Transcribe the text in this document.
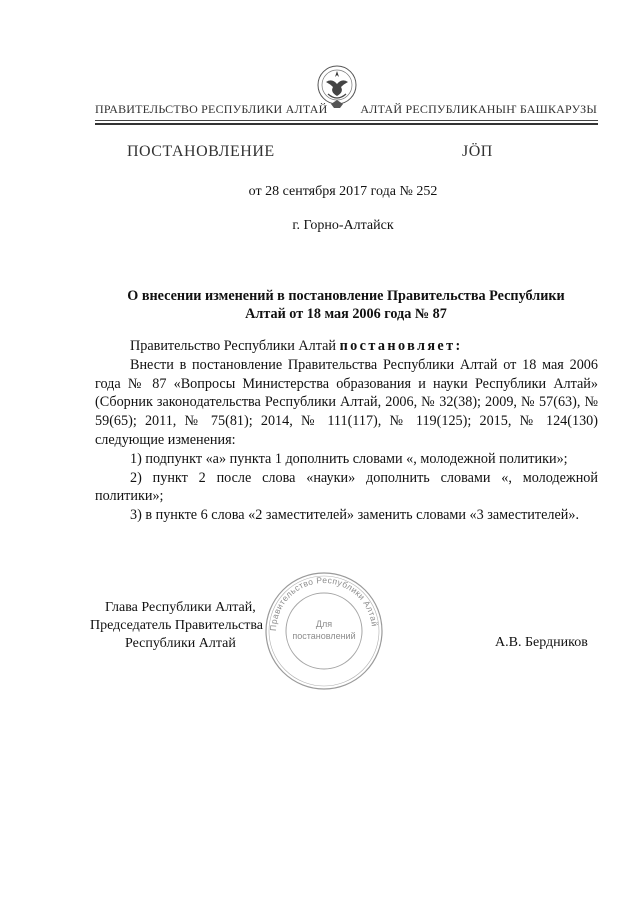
ПРАВИТЕЛЬСТВО РЕСПУБЛИКИ АЛТАЙ	АЛТАЙ РЕСПУБЛИКАНЫҤ БАШКАРУЗЫ
ПОСТАНОВЛЕНИЕ	ЈӦП
от 28 сентября 2017 года № 252
г. Горно-Алтайск
О внесении изменений в постановление Правительства Республики
Алтай от 18 мая 2006 года № 87

Правительство Республики Алтай постановляет:

Внести в постановление Правительства Республики Алтай от 18 мая 2006 года № 87 «Вопросы Министерства образования и науки Республики Алтай» (Сборник законодательства Республики Алтай, 2006, № 32(38); 2009, № 57(63), № 59(65); 2011, № 75(81); 2014, № 111(117), № 119(125); 2015, № 124(130) следующие изменения:

1) подпункт «а» пункта 1 дополнить словами «, молодежной политики»;

2) пункт 2 после слова «науки» дополнить словами «, молодежной политики»;

3) в пункте 6 слова «2 заместителей» заменить словами «3 заместителей».

Глава Республики Алтай,
Председатель Правительства
Республики Алтай	А.В. Бердников
Правительство Республики Алтай
Для
постановлений
